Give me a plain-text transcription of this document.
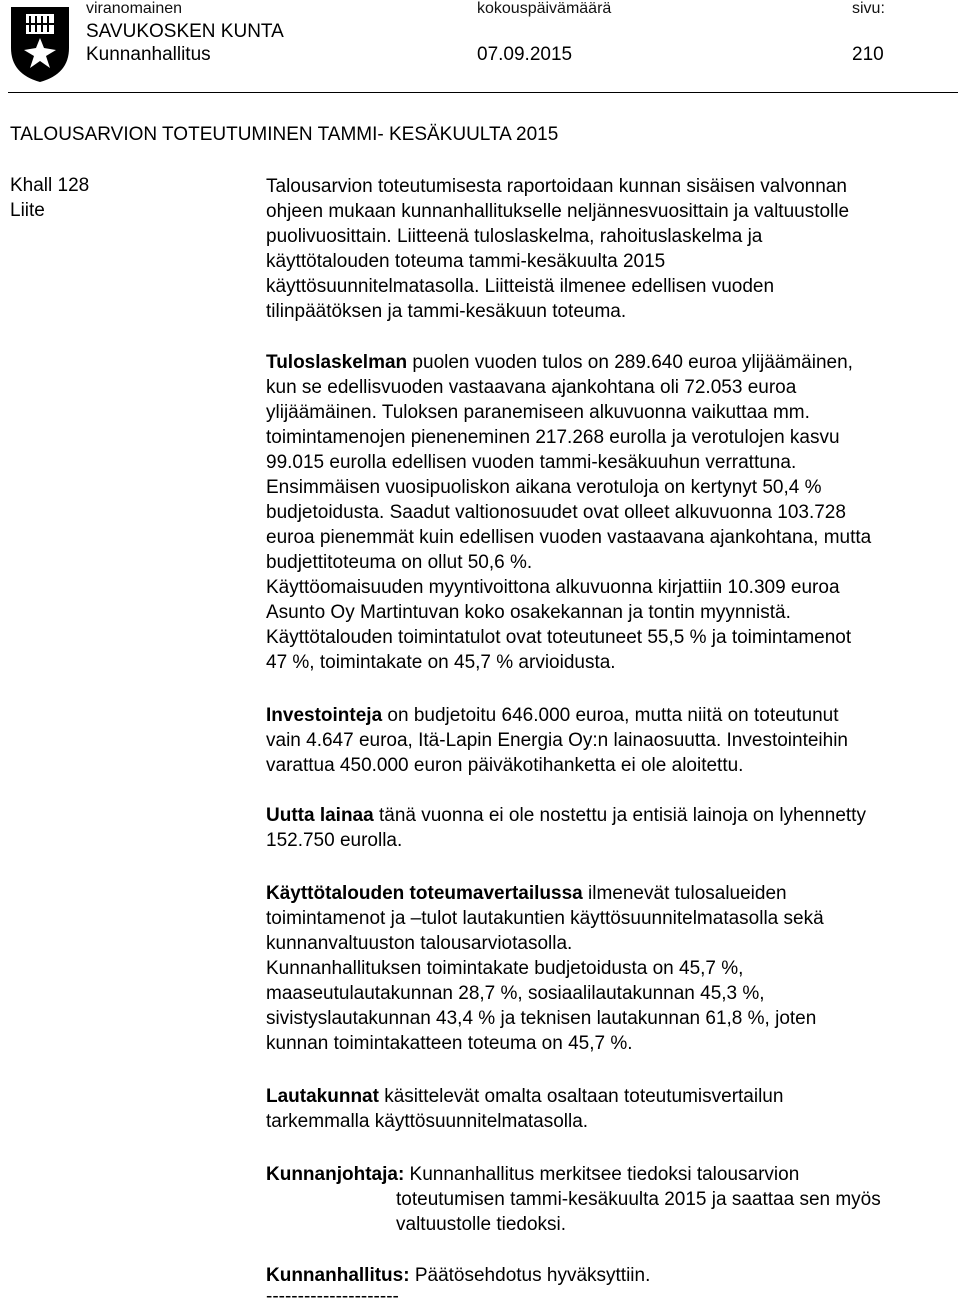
viranomainen	kokouspäivämäärä	sivu:
SAVUKOSKEN KUNTA
Kunnanhallitus	07.09.2015	210
TALOUSARVION TOTEUTUMINEN TAMMI- KESÄKUULTA 2015
Khall 128
Liite

Talousarvion toteutumisesta raportoidaan kunnan sisäisen valvonnan

ohjeen mukaan kunnanhallitukselle neljännesvuosittain ja valtuustolle

puolivuosittain. Liitteenä tuloslaskelma, rahoituslaskelma ja

käyttötalouden toteuma tammi-kesäkuulta 2015

käyttösuunnitelmatasolla. Liitteistä ilmenee edellisen vuoden

tilinpäätöksen ja tammi-kesäkuun toteuma.

Tuloslaskelman puolen vuoden tulos on 289.640 euroa ylijäämäinen,

kun se edellisvuoden vastaavana ajankohtana oli 72.053 euroa

ylijäämäinen. Tuloksen paranemiseen alkuvuonna vaikuttaa mm.

toimintamenojen pieneneminen 217.268 eurolla ja verotulojen kasvu

99.015 eurolla edellisen vuoden tammi-kesäkuuhun verrattuna.

Ensimmäisen vuosipuoliskon aikana verotuloja on kertynyt 50,4 %

budjetoidusta. Saadut valtionosuudet ovat olleet alkuvuonna 103.728

euroa pienemmät kuin edellisen vuoden vastaavana ajankohtana, mutta

budjettitoteuma on ollut 50,6 %.

Käyttöomaisuuden myyntivoittona alkuvuonna kirjattiin 10.309 euroa

Asunto Oy Martintuvan koko osakekannan ja tontin myynnistä.

Käyttötalouden toimintatulot ovat toteutuneet 55,5 % ja toimintamenot

47 %, toimintakate on 45,7 % arvioidusta.

Investointeja on budjetoitu 646.000 euroa, mutta niitä on toteutunut

vain 4.647 euroa, Itä-Lapin Energia Oy:n lainaosuutta. Investointeihin

varattua 450.000 euron päiväkotihanketta ei ole aloitettu.

Uutta lainaa tänä vuonna ei ole nostettu ja entisiä lainoja on lyhennetty

152.750 eurolla.

Käyttötalouden toteumavertailussa ilmenevät tulosalueiden

toimintamenot ja –tulot lautakuntien käyttösuunnitelmatasolla sekä

kunnanvaltuuston talousarviotasolla.

Kunnanhallituksen toimintakate budjetoidusta on 45,7 %,

maaseutulautakunnan 28,7 %, sosiaalilautakunnan 45,3 %,

sivistyslautakunnan 43,4 % ja teknisen lautakunnan 61,8 %, joten

kunnan toimintakatteen toteuma on 45,7 %.

Lautakunnat käsittelevät omalta osaltaan toteutumisvertailun

tarkemmalla käyttösuunnitelmatasolla.

Kunnanjohtaja: Kunnanhallitus merkitsee tiedoksi talousarvion

toteutumisen tammi-kesäkuulta 2015 ja saattaa sen myös

valtuustolle tiedoksi.

Kunnanhallitus: Päätösehdotus hyväksyttiin.

---------------------
